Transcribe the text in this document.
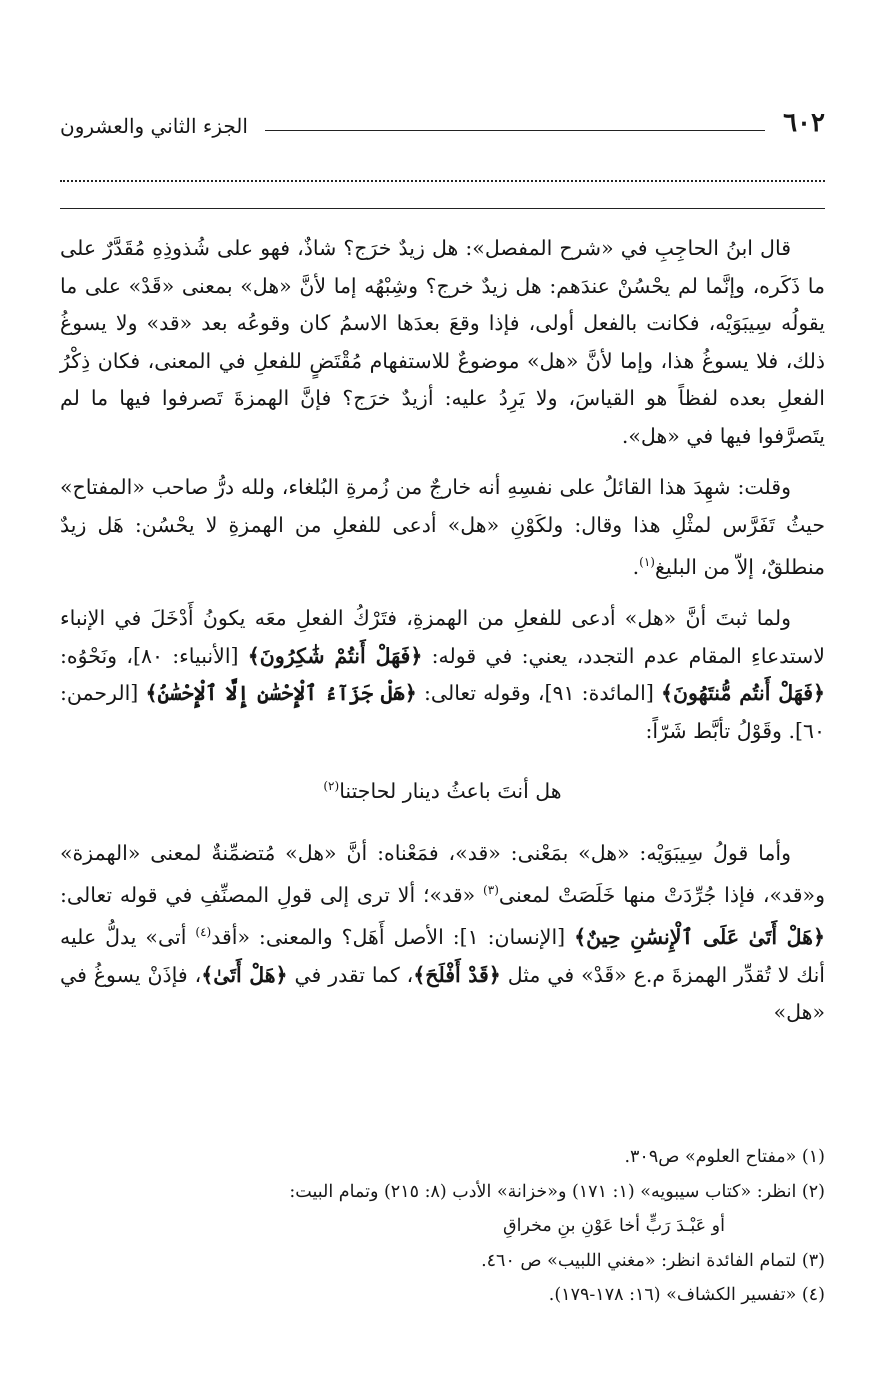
٦٠٢
الجزء الثاني والعشرون

قال ابنُ الحاجِبِ في «شرح المفصل»: هل زيدٌ خرَج؟ شاذٌ، فهو على شُذوذِهِ مُقَدَّرٌ على ما ذَكَره، وإنَّما لم يحْسُنْ عندَهم: هل زيدٌ خرج؟ وشِبْهُه إما لأنَّ «هل» بمعنى «قَدْ» على ما يقولُه سِيبَوَيْه، فكانت بالفعل أولى، فإذا وقعَ بعدَها الاسمُ كان وقوعُه بعد «قد» ولا يسوغُ ذلك، فلا يسوغُ هذا، وإما لأنَّ «هل» موضوعٌ للاستفهام مُقْتَضٍ للفعلِ في المعنى، فكان ذِكْرُ الفعلِ بعده لفظاً هو القياسَ، ولا يَرِدُ عليه: أزيدٌ خرَج؟ فإنَّ الهمزةَ تَصرفوا فيها ما لم يتَصرَّفوا فيها في «هل».

وقلت: شهِدَ هذا القائلُ على نفسِهِ أنه خارجٌ من زُمرةِ البُلغاء، ولله درُّ صاحب «المفتاح» حيثُ تَفَرَّس لمثْلِ هذا وقال: ولكَوْنِ «هل» أدعى للفعلِ من الهمزةِ لا يحْسُن: هَل زيدٌ منطلقٌ، إلاّ من البليغ$^{(١)}$.

ولما ثبتَ أنَّ «هل» أدعى للفعلِ من الهمزةِ، فتَرْكُ الفعلِ معَه يكونُ أَدْخَلَ في الإنباء لاستدعاءِ المقام عدم التجدد، يعني: في قوله: ﴿فَهَلْ أَنتُمْ شَٰكِرُونَ﴾ [الأنبياء: ٨٠]، ونَحْوُه: ﴿فَهَلْ أَنتُم مُّنتَهُونَ﴾ [المائدة: ٩١]، وقوله تعالى: ﴿هَلْ جَزَآءُ ٱلْإِحْسَٰنِ إِلَّا ٱلْإِحْسَٰنُ﴾ [الرحمن: ٦٠]. وقَوْلُ تأبَّط شَرّاً:

هل أنتَ باعثُ دينار لحاجتنا$^{(٢)}$

وأما قولُ سِيبَوَيْه: «هل» بمَعْنى: «قد»، فمَعْناه: أنَّ «هل» مُتضمِّنةٌ لمعنى «الهمزة» و«قد»، فإذا جُرِّدَتْ منها خَلَصَتْ لمعنى$^{(٣)}$ «قد»؛ ألا ترى إلى قولِ المصنِّفِ في قوله تعالى: ﴿هَلْ أَتَىٰ عَلَى ٱلْإِنسَٰنِ حِينٌ﴾ [الإنسان: ١]: الأصل أَهَل؟ والمعنى: «أقد$^{(٤)}$ أتى» يدلُّ عليه أنك لا تُقدِّر الهمزةَ م.ع «قَدْ» في مثل ﴿قَدْ أَفْلَحَ﴾، كما تقدر في ﴿هَلْ أَتَىٰ﴾، فإذَنْ يسوغُ في «هل»

(١) «مفتاح العلوم» ص٣٠٩.

(٢) انظر: «كتاب سيبويه» (١: ١٧١) و«خزانة» الأدب (٨: ٢١٥) وتمام البيت:

أو عَبْـدَ رَبٍّ أخا عَوْنِ بنِ مخراقِ

(٣) لتمام الفائدة انظر: «مغني اللبيب» ص ٤٦٠.

(٤) «تفسير الكشاف» (١٦: ١٧٨-١٧٩).
